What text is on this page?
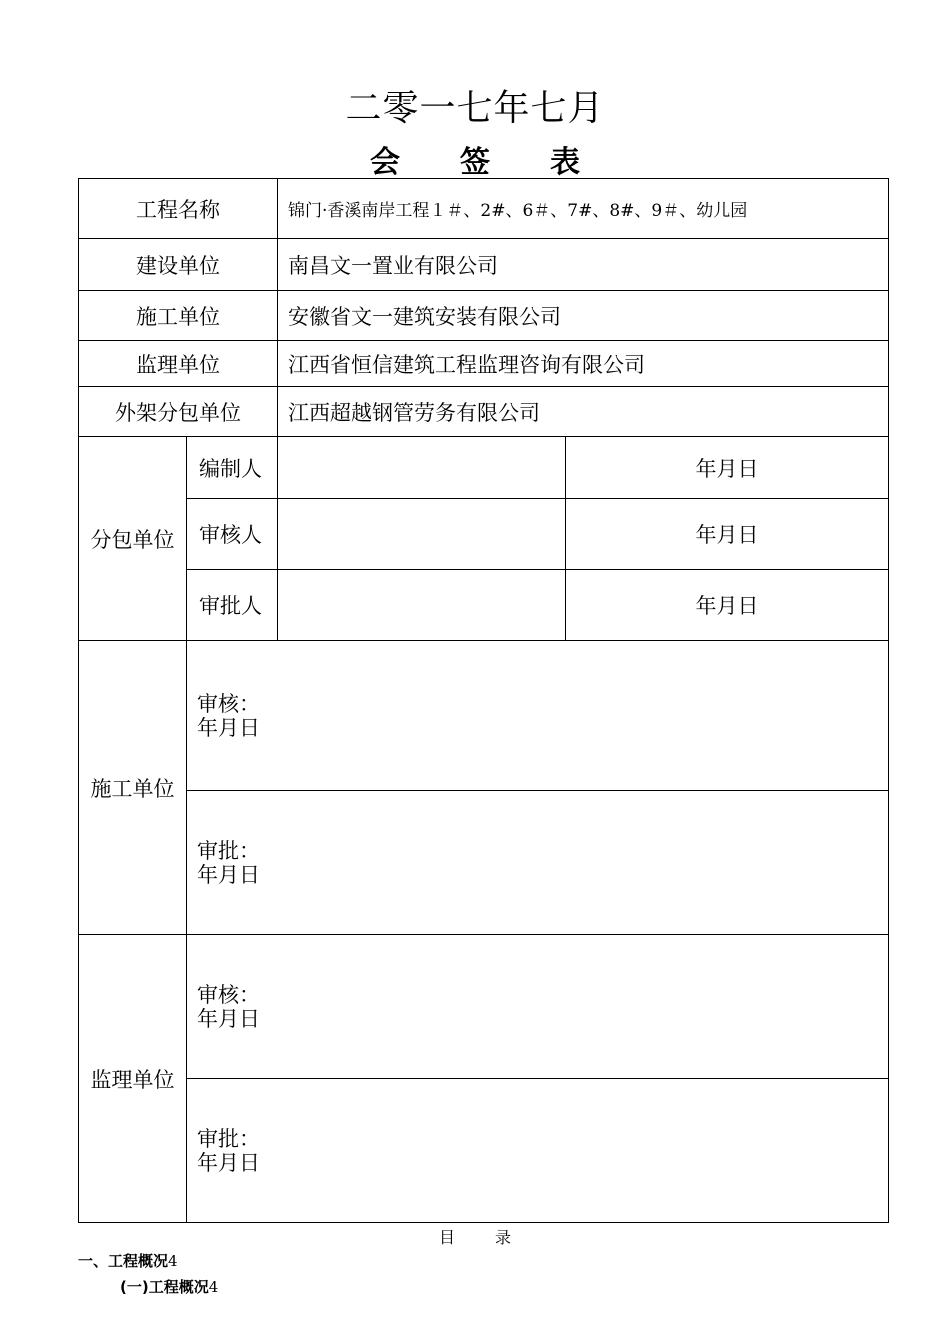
二零一七年七月
会签表
工程名称		锦门·香溪南岸工程１＃、2#、6＃、7#、8#、9＃、幼儿园	
建设单位		南昌文一置业有限公司	
施工单位		安徽省文一建筑安装有限公司	
监理单位		江西省恒信建筑工程监理咨询有限公司	
外架分包单位		江西超越钢管劳务有限公司	
分包单位	编制人		年月日
	审核人		年月日
	审批人		年月日
施工单位	审核：
年月日		

	审批：
年月日		

监理单位	审核：
年月日		

	审批：
年月日		
目录
一、工程概况4
(一)工程概况4
